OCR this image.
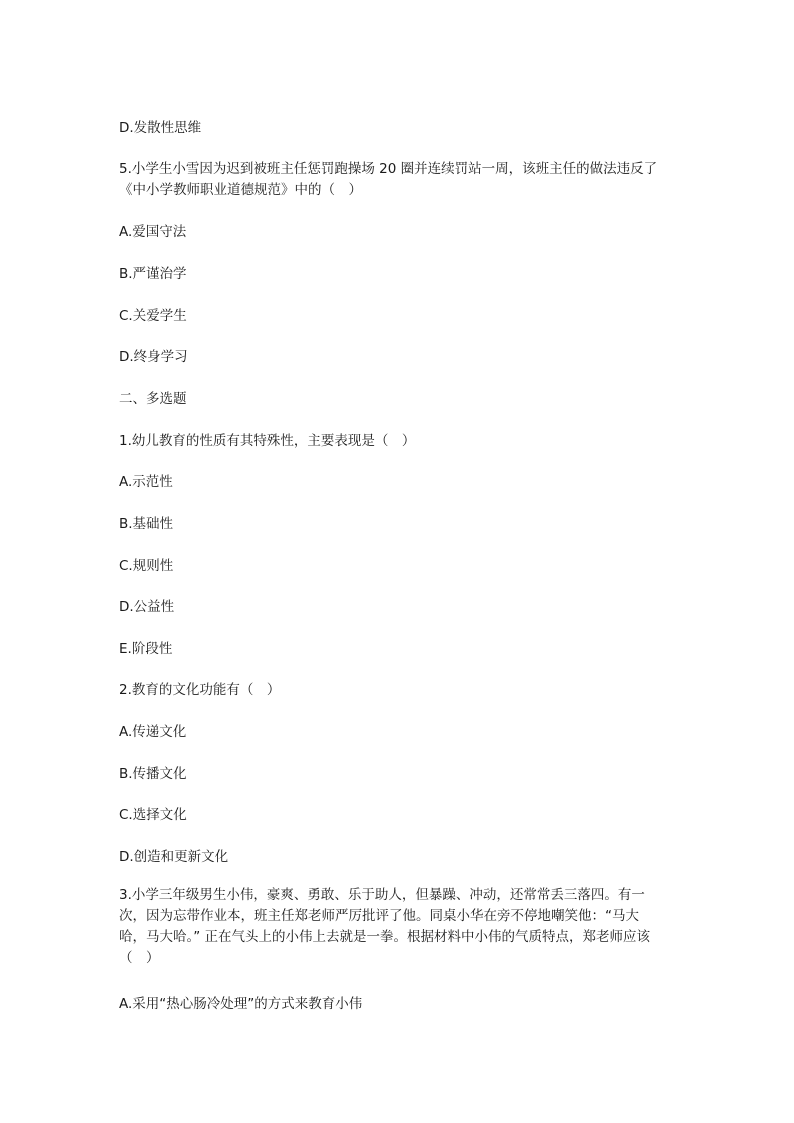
D.发散性思维
5.小学生小雪因为迟到被班主任惩罚跑操场 20 圈并连续罚站一周，该班主任的做法违反了
《中小学教师职业道德规范》中的（　）
A.爱国守法
B.严谨治学
C.关爱学生
D.终身学习
二、多选题
1.幼儿教育的性质有其特殊性，主要表现是（　）
A.示范性
B.基础性
C.规则性
D.公益性
E.阶段性
2.教育的文化功能有（　）
A.传递文化
B.传播文化
C.选择文化
D.创造和更新文化
3.小学三年级男生小伟，豪爽、勇敢、乐于助人，但暴躁、冲动，还常常丢三落四。有一
次，因为忘带作业本，班主任郑老师严厉批评了他。同桌小华在旁不停地嘲笑他：“马大
哈，马大哈。” 正在气头上的小伟上去就是一拳。根据材料中小伟的气质特点，郑老师应该
（　）
A.采用“热心肠冷处理”的方式来教育小伟
